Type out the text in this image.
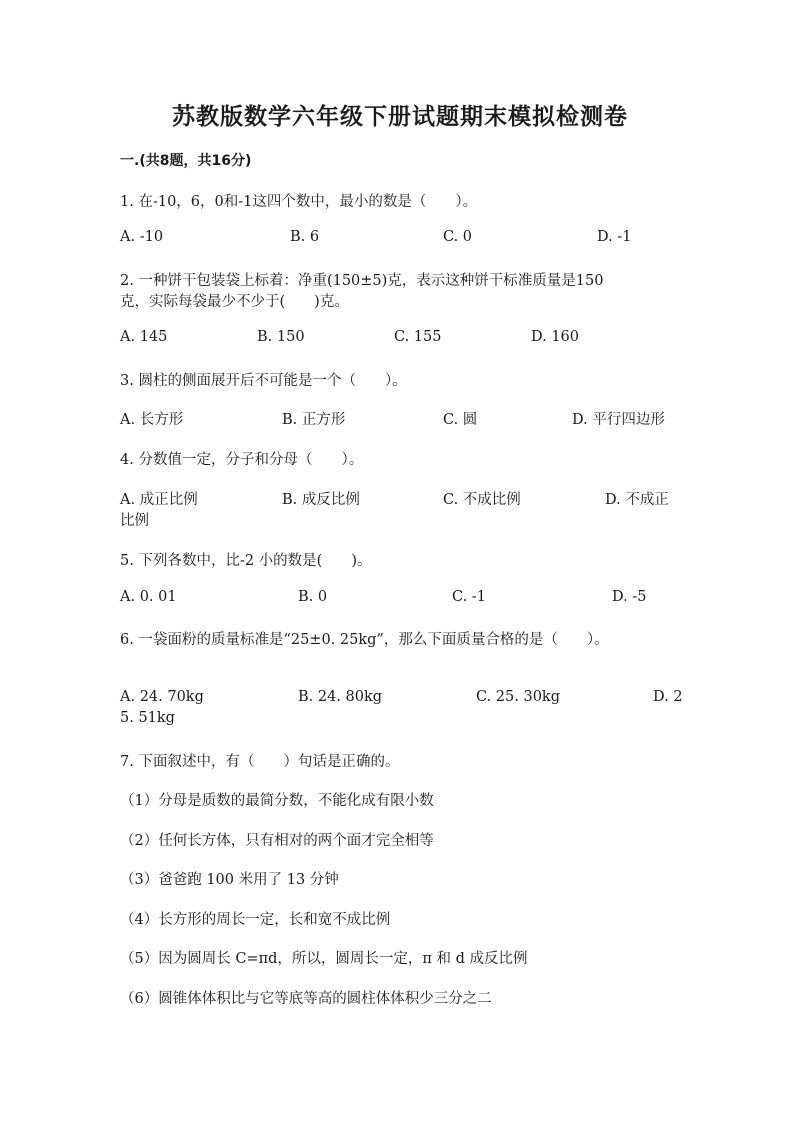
苏教版数学六年级下册试题期末模拟检测卷
一.(共8题，共16分)
1. 在-10，6，0和-1这四个数中，最小的数是（　　）。
A. -10	B. 6	C. 0	D. -1
2. 一种饼干包装袋上标着：净重(150±5)克，表示这种饼干标准质量是150
克，实际每袋最少不少于(　　)克。
A. 145	B. 150	C. 155	D. 160
3. 圆柱的侧面展开后不可能是一个（　　）。
A. 长方形	B. 正方形	C. 圆	D. 平行四边形
4. 分数值一定，分子和分母（　　）。
A. 成正比例	B. 成反比例	C. 不成比例	D. 不成正
比例
5. 下列各数中，比-2 小的数是(　　)。
A. 0. 01	B. 0	C. -1	D. -5
6. 一袋面粉的质量标准是“25±0. 25kg”，那么下面质量合格的是（　　）。
A. 24. 70kg	B. 24. 80kg	C. 25. 30kg	D. 2
5. 51kg
7. 下面叙述中，有（　　）句话是正确的。
（1）分母是质数的最简分数，不能化成有限小数
（2）任何长方体，只有相对的两个面才完全相等
（3）爸爸跑 100 米用了 13 分钟
（4）长方形的周长一定，长和宽不成比例
（5）因为圆周长 C=πd，所以，圆周长一定，π 和 d 成反比例
（6）圆锥体体积比与它等底等高的圆柱体体积少三分之二
